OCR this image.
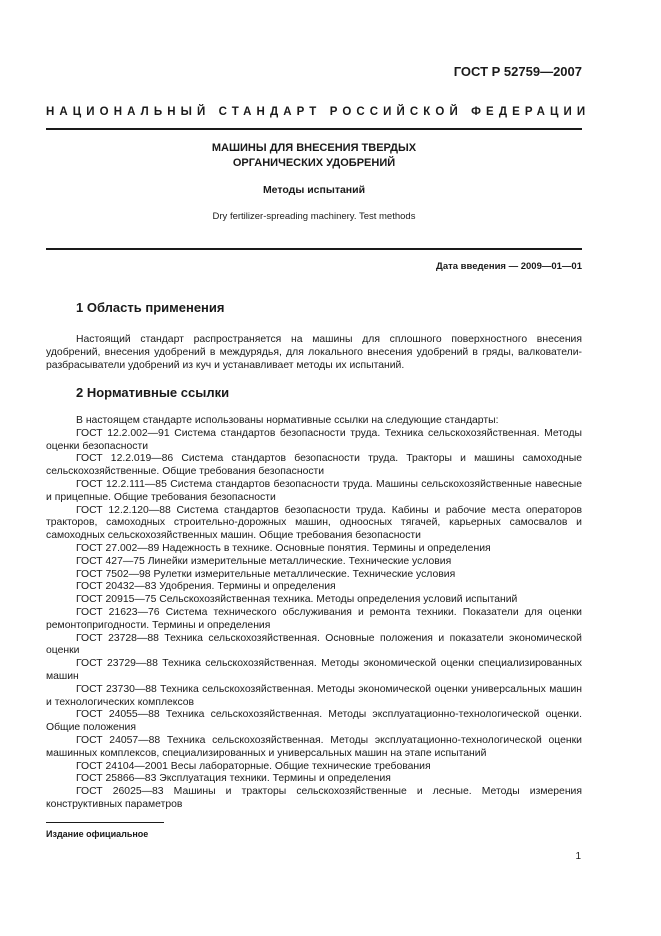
ГОСТ Р 52759—2007
НАЦИОНАЛЬНЫЙ СТАНДАРТ РОССИЙСКОЙ ФЕДЕРАЦИИ
МАШИНЫ ДЛЯ ВНЕСЕНИЯ ТВЕРДЫХ
ОРГАНИЧЕСКИХ УДОБРЕНИЙ
Методы испытаний
Dry fertilizer-spreading machinery. Test methods
Дата введения — 2009—01—01
1 Область применения

Настоящий стандарт распространяется на машины для сплошного поверхностного внесения удобрений, внесения удобрений в междурядья, для локального внесения удобрений в гряды, валкователи-разбрасыватели удобрений из куч и устанавливает методы их испытаний.

2 Нормативные ссылки

В настоящем стандарте использованы нормативные ссылки на следующие стандарты:

ГОСТ 12.2.002—91 Система стандартов безопасности труда. Техника сельскохозяйственная. Методы оценки безопасности

ГОСТ 12.2.019—86 Система стандартов безопасности труда. Тракторы и машины самоходные сельскохозяйственные. Общие требования безопасности

ГОСТ 12.2.111—85 Система стандартов безопасности труда. Машины сельскохозяйственные навесные и прицепные. Общие требования безопасности

ГОСТ 12.2.120—88 Система стандартов безопасности труда. Кабины и рабочие места операторов тракторов, самоходных строительно-дорожных машин, одноосных тягачей, карьерных самосвалов и самоходных сельскохозяйственных машин. Общие требования безопасности

ГОСТ 27.002—89 Надежность в технике. Основные понятия. Термины и определения

ГОСТ 427—75 Линейки измерительные металлические. Технические условия

ГОСТ 7502—98 Рулетки измерительные металлические. Технические условия

ГОСТ 20432—83 Удобрения. Термины и определения

ГОСТ 20915—75 Сельскохозяйственная техника. Методы определения условий испытаний

ГОСТ 21623—76 Система технического обслуживания и ремонта техники. Показатели для оценки ремонтопригодности. Термины и определения

ГОСТ 23728—88 Техника сельскохозяйственная. Основные положения и показатели экономической оценки

ГОСТ 23729—88 Техника сельскохозяйственная. Методы экономической оценки специализированных машин

ГОСТ 23730—88 Техника сельскохозяйственная. Методы экономической оценки универсальных машин и технологических комплексов

ГОСТ 24055—88 Техника сельскохозяйственная. Методы эксплуатационно-технологической оценки. Общие положения

ГОСТ 24057—88 Техника сельскохозяйственная. Методы эксплуатационно-технологической оценки машинных комплексов, специализированных и универсальных машин на этапе испытаний

ГОСТ 24104—2001 Весы лабораторные. Общие технические требования

ГОСТ 25866—83 Эксплуатация техники. Термины и определения

ГОСТ 26025—83 Машины и тракторы сельскохозяйственные и лесные. Методы измерения конструктивных параметров

Издание официальное
1
